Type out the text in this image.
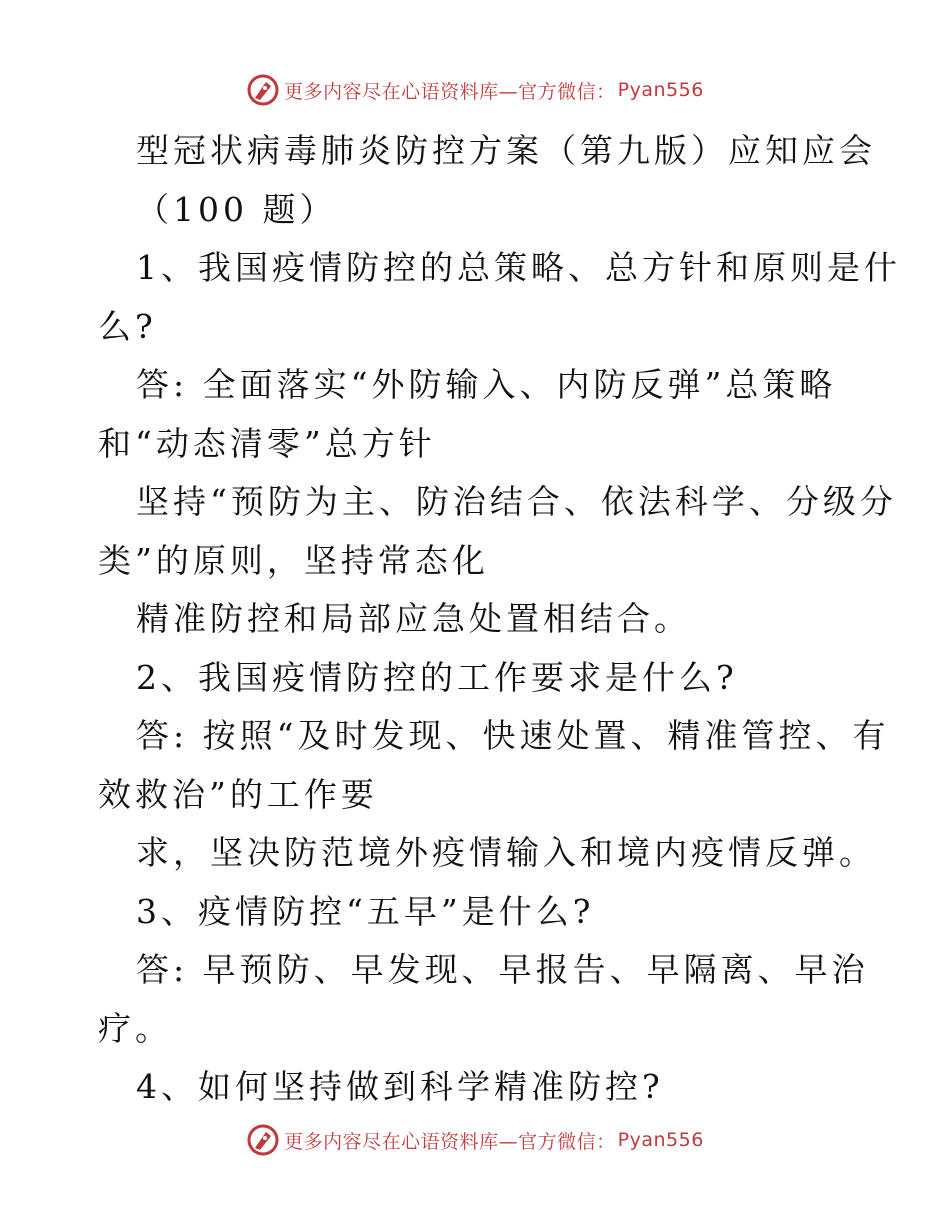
更多内容尽在心语资料库—官方微信： Pyan556
型冠状病毒肺炎防控方案（第九版）应知应会
（100 题）
1、我国疫情防控的总策略、总方针和原则是什
么?
答: 全面落实“外防输入、内防反弹”总策略
和“动态清零”总方针
坚持“预防为主、防治结合、依法科学、分级分
类”的原则，坚持常态化
精准防控和局部应急处置相结合。
2、我国疫情防控的工作要求是什么?
答: 按照“及时发现、快速处置、精准管控、有
效救治”的工作要
求，坚决防范境外疫情输入和境内疫情反弹。
3、疫情防控“五早”是什么?
答: 早预防、早发现、早报告、早隔离、早治
疗。
4、如何坚持做到科学精准防控?
更多内容尽在心语资料库—官方微信： Pyan556
